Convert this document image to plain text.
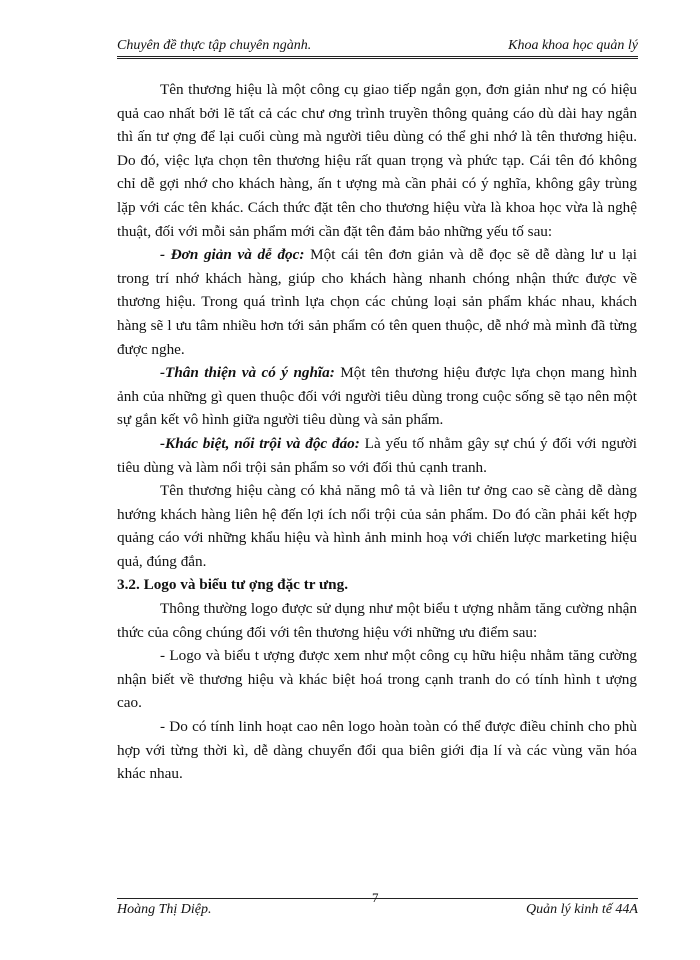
Chuyên đề thực tập chuyên ngành.	Khoa khoa học quản lý

Tên thương hiệu là một công cụ giao tiếp ngắn gọn, đơn giản như ng có hiệu quả cao nhất bởi lẽ tất cả các chư ơng trình truyền thông quảng cáo dù dài hay ngắn thì ấn tư ợng để lại cuối cùng mà người tiêu dùng có thể ghi nhớ là tên thương hiệu. Do đó, việc lựa chọn tên thương hiệu rất quan trọng và phức tạp. Cái tên đó không chỉ dễ gợi nhớ cho khách hàng, ấn t ượng mà cần phải có ý nghĩa, không gây trùng lặp với các tên khác. Cách thức đặt tên cho thương hiệu vừa là khoa học vừa là nghệ thuật, đối với mỗi sản phẩm mới cần đặt tên đảm bảo những yếu tố sau:

- Đơn giản và dễ đọc: Một cái tên đơn giản và dễ đọc sẽ dễ dàng lư u lại trong trí nhớ khách hàng, giúp cho khách hàng nhanh chóng nhận thức được về thương hiệu. Trong quá trình lựa chọn các chủng loại sản phẩm khác nhau, khách hàng sẽ l ưu tâm nhiều hơn tới sản phẩm có tên quen thuộc, dễ nhớ mà mình đã từng được nghe.

-Thân thiện và có ý nghĩa: Một tên thương hiệu được lựa chọn mang hình ảnh của những gì quen thuộc đối với người tiêu dùng trong cuộc sống sẽ tạo nên một sự gắn kết vô hình giữa người tiêu dùng và sản phẩm.

-Khác biệt, nổi trội và độc đáo: Là yếu tố nhằm gây sự chú ý đối với người tiêu dùng và làm nổi trội sản phẩm so với đối thủ cạnh tranh.

Tên thương hiệu càng có khả năng mô tả và liên tư ởng cao sẽ càng dễ dàng hướng khách hàng liên hệ đến lợi ích nổi trội của sản phẩm. Do đó cần phải kết hợp quảng cáo với những khẩu hiệu và hình ảnh minh hoạ với chiến lược marketing hiệu quả, đúng đắn.

3.2. Logo và biểu tư ợng đặc tr ưng.

Thông thường logo được sử dụng như một biểu t ượng nhằm tăng cường nhận thức của công chúng đối với tên thương hiệu với những ưu điểm sau:

- Logo và biểu t ượng được xem như một công cụ hữu hiệu nhằm tăng cường nhận biết về thương hiệu và khác biệt hoá trong cạnh tranh do có tính hình t ượng cao.

- Do có tính linh hoạt cao nên logo hoàn toàn có thể được điều chỉnh cho phù hợp với từng thời kì, dễ dàng chuyển đổi qua biên giới địa lí và các vùng văn hóa khác nhau.

Hoàng Thị Diệp.
7
Quản lý kinh tế 44A
